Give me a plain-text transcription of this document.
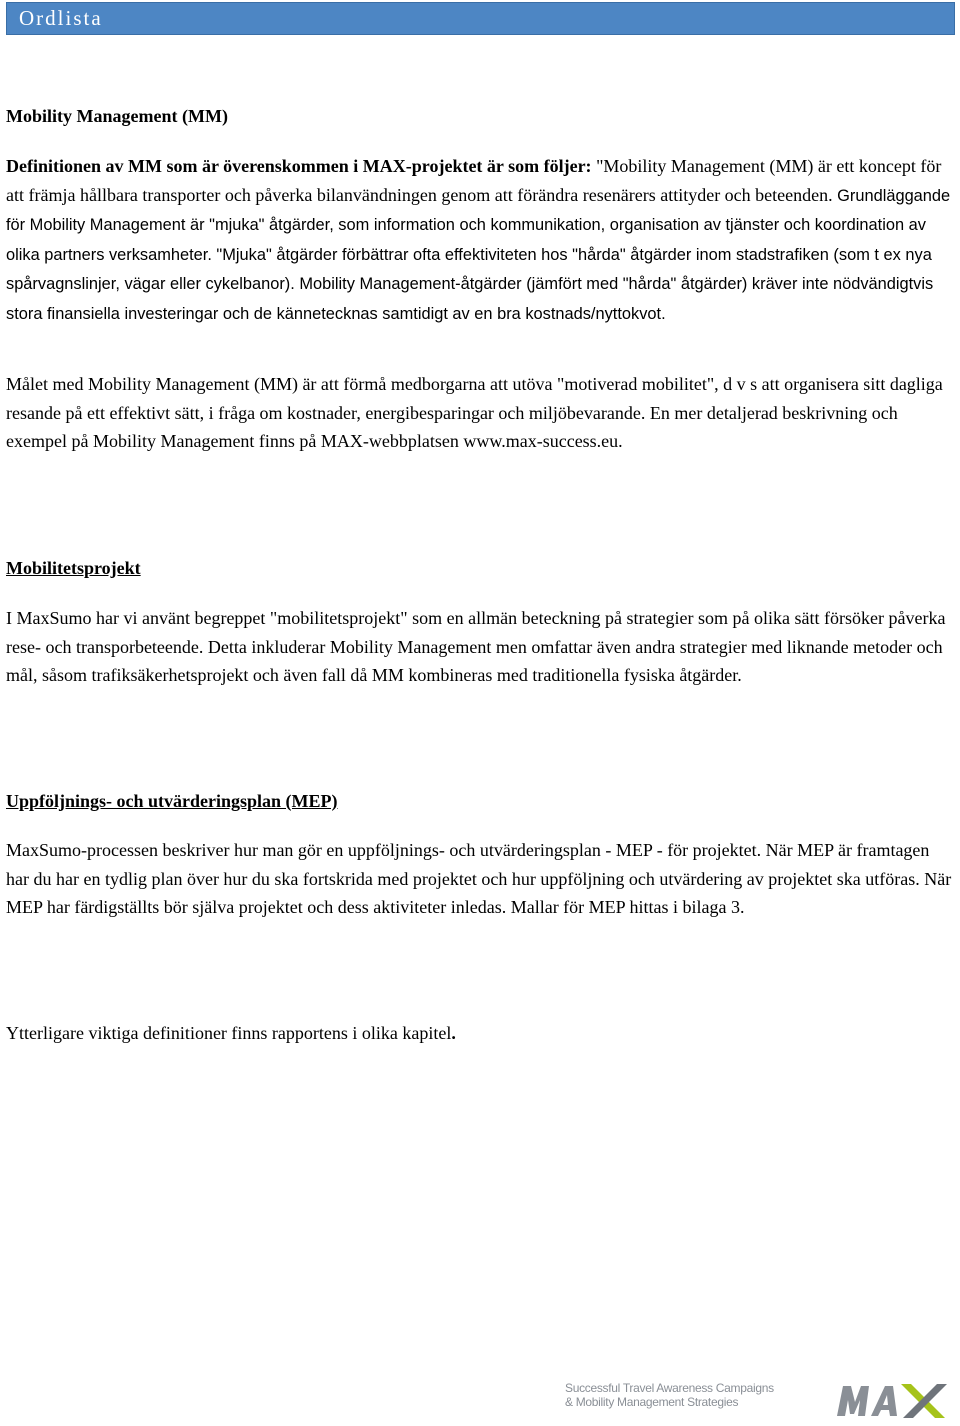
Ordlista
Mobility Management (MM)
Definitionen av MM som är överenskommen i MAX-projektet är som följer: "Mobility Management (MM) är ett koncept för att främja hållbara transporter och påverka bilanvändningen genom att förändra resenärers attityder och beteenden. Grundläggande för Mobility Management är "mjuka" åtgärder, som information och kommunikation, organisation av tjänster och koordination av olika partners verksamheter. "Mjuka" åtgärder förbättrar ofta effektiviteten hos "hårda" åtgärder inom stadstrafiken (som t ex nya spårvagnslinjer, vägar eller cykelbanor). Mobility Management-åtgärder (jämfört med "hårda" åtgärder) kräver inte nödvändigtvis stora finansiella investeringar och de kännetecknas samtidigt av en bra kostnads/nyttokvot.
Målet med Mobility Management (MM) är att förmå medborgarna att utöva "motiverad mobilitet", d v s att organisera sitt dagliga resande på ett effektivt sätt, i fråga om kostnader, energibesparingar och miljöbevarande. En mer detaljerad beskrivning och exempel på Mobility Management finns på MAX-webbplatsen www.max-success.eu.
Mobilitetsprojekt
I MaxSumo har vi använt begreppet "mobilitetsprojekt" som en allmän beteckning på strategier som på olika sätt försöker påverka rese- och transporbeteende. Detta inkluderar Mobility Management men omfattar även andra strategier med liknande metoder och mål, såsom trafiksäkerhetsprojekt och även fall då MM kombineras med traditionella fysiska åtgärder.
Uppföljnings- och utvärderingsplan (MEP)
MaxSumo-processen beskriver hur man gör en uppföljnings- och utvärderingsplan - MEP - för projektet. När MEP är framtagen har du har en tydlig plan över hur du ska fortskrida med projektet och hur uppföljning och utvärdering av projektet ska utföras. När MEP har färdigställts bör själva projektet och dess aktiviteter inledas. Mallar för MEP hittas i bilaga 3.
Ytterligare viktiga definitioner finns rapportens i olika kapitel.
Successful Travel Awareness Campaigns
& Mobility Management Strategies
